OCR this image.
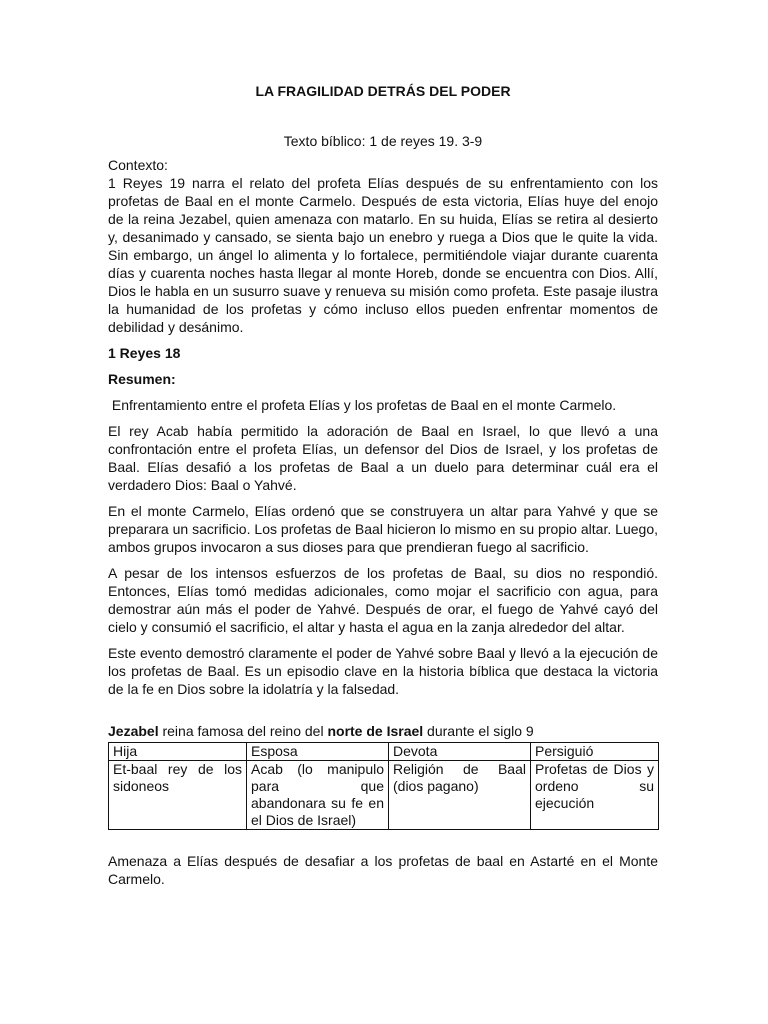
LA FRAGILIDAD DETRÁS DEL PODER
Texto bíblico: 1 de reyes 19. 3-9
Contexto:

1 Reyes 19 narra el relato del profeta Elías después de su enfrentamiento con los profetas de Baal en el monte Carmelo. Después de esta victoria, Elías huye del enojo de la reina Jezabel, quien amenaza con matarlo. En su huida, Elías se retira al desierto y, desanimado y cansado, se sienta bajo un enebro y ruega a Dios que le quite la vida. Sin embargo, un ángel lo alimenta y lo fortalece, permitiéndole viajar durante cuarenta días y cuarenta noches hasta llegar al monte Horeb, donde se encuentra con Dios. Allí, Dios le habla en un susurro suave y renueva su misión como profeta. Este pasaje ilustra la humanidad de los profetas y cómo incluso ellos pueden enfrentar momentos de debilidad y desánimo.

1 Reyes 18
Resumen:

Enfrentamiento entre el profeta Elías y los profetas de Baal en el monte Carmelo.

El rey Acab había permitido la adoración de Baal en Israel, lo que llevó a una confrontación entre el profeta Elías, un defensor del Dios de Israel, y los profetas de Baal. Elías desafió a los profetas de Baal a un duelo para determinar cuál era el verdadero Dios: Baal o Yahvé.

En el monte Carmelo, Elías ordenó que se construyera un altar para Yahvé y que se preparara un sacrificio. Los profetas de Baal hicieron lo mismo en su propio altar. Luego, ambos grupos invocaron a sus dioses para que prendieran fuego al sacrificio.

A pesar de los intensos esfuerzos de los profetas de Baal, su dios no respondió. Entonces, Elías tomó medidas adicionales, como mojar el sacrificio con agua, para demostrar aún más el poder de Yahvé. Después de orar, el fuego de Yahvé cayó del cielo y consumió el sacrificio, el altar y hasta el agua en la zanja alrededor del altar.

Este evento demostró claramente el poder de Yahvé sobre Baal y llevó a la ejecución de los profetas de Baal. Es un episodio clave en la historia bíblica que destaca la victoria de la fe en Dios sobre la idolatría y la falsedad.

Jezabel reina famosa del reino del norte de Israel durante el siglo 9

Hija	Esposa	Devota	Persiguió
Et-baal rey de los sidoneos	Acab (lo manipulo para que abandonara su fe en el Dios de Israel)	Religión de Baal (dios pagano)	Profetas de Dios y ordeno su ejecución

Amenaza a Elías después de desafiar a los profetas de baal en Astarté en el Monte Carmelo.
